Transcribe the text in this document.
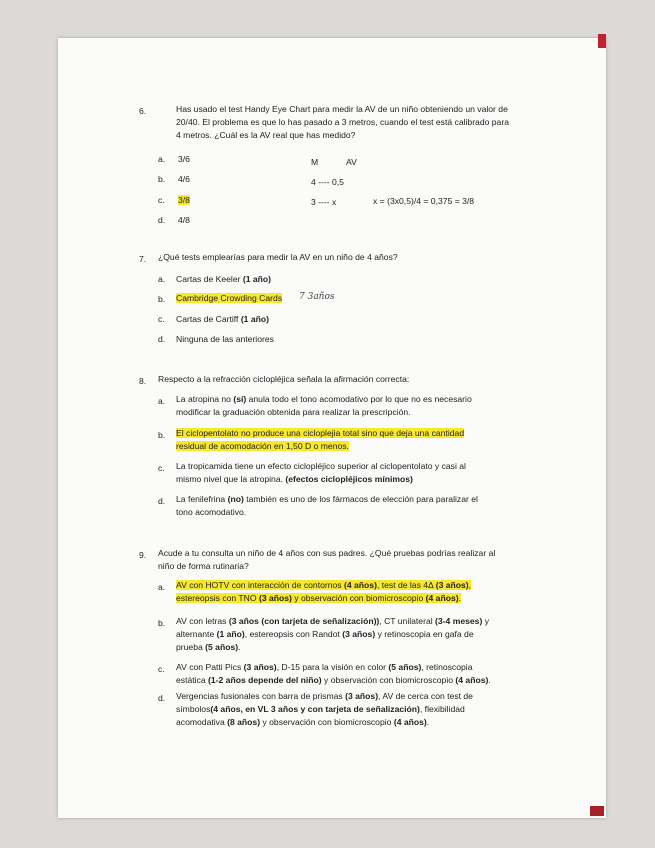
6.	Has usado el test Handy Eye Chart para medir la AV de un niño obteniendo un valor de
20/40. El problema es que lo has pasado a 3 metros, cuando el test está calibrado para
4 metros. ¿Cuál es la AV real que has medido?
a. 3/6
b. 4/6
c. 3/8
d. 4/8
M	AV
4 ---- 0,5
3 ---- x	x = (3x0,5)/4 = 0,375 = 3/8
7. ¿Qué tests emplearías para medir la AV en un niño de 4 años?
a. Cartas de Keeler (1 año)
b. Cambridge Crowding Cards 7 3años
c. Cartas de Cartiff (1 año)
d. Ninguna de las anteriores
8. Respecto a la refracción ciclopléjica señala la afirmación correcta:
a. La atropina no (sí) anula todo el tono acomodativo por lo que no es necesario
modificar la graduación obtenida para realizar la prescripción.
b. El ciclopentolato no produce una cicloplejia total sino que deja una cantidad
residual de acomodación en 1,50 D o menos.
c. La tropicamida tiene un efecto ciclopléjico superior al ciclopentolato y casi al
mismo nivel que la atropina. (efectos ciclopléjicos mínimos)
d. La fenilefrina (no) también es uno de los fármacos de elección para paralizar el
tono acomodativo.
9. Acude a tu consulta un niño de 4 años con sus padres. ¿Qué pruebas podrías realizar al
niño de forma rutinaria?
a. AV con HOTV con interacción de contornos (4 años), test de las 4Δ (3 años),
estereopsis con TNO (3 años) y observación con biomicroscopio (4 años).
b. AV con letras (3 años (con tarjeta de señalización)), CT unilateral (3-4 meses) y
alternante (1 año), estereopsis con Randot (3 años) y retinoscopia en gafa de
prueba (5 años).
c. AV con Patti Pics (3 años), D-15 para la visión en color (5 años), retinoscopia
estática (1-2 años depende del niño) y observación con biomicroscopio (4 años).
d. Vergencias fusionales con barra de prismas (3 años), AV de cerca con test de
símbolos(4 años, en VL 3 años y con tarjeta de señalización), flexibilidad
acomodativa (8 años) y observación con biomicroscopio (4 años).
